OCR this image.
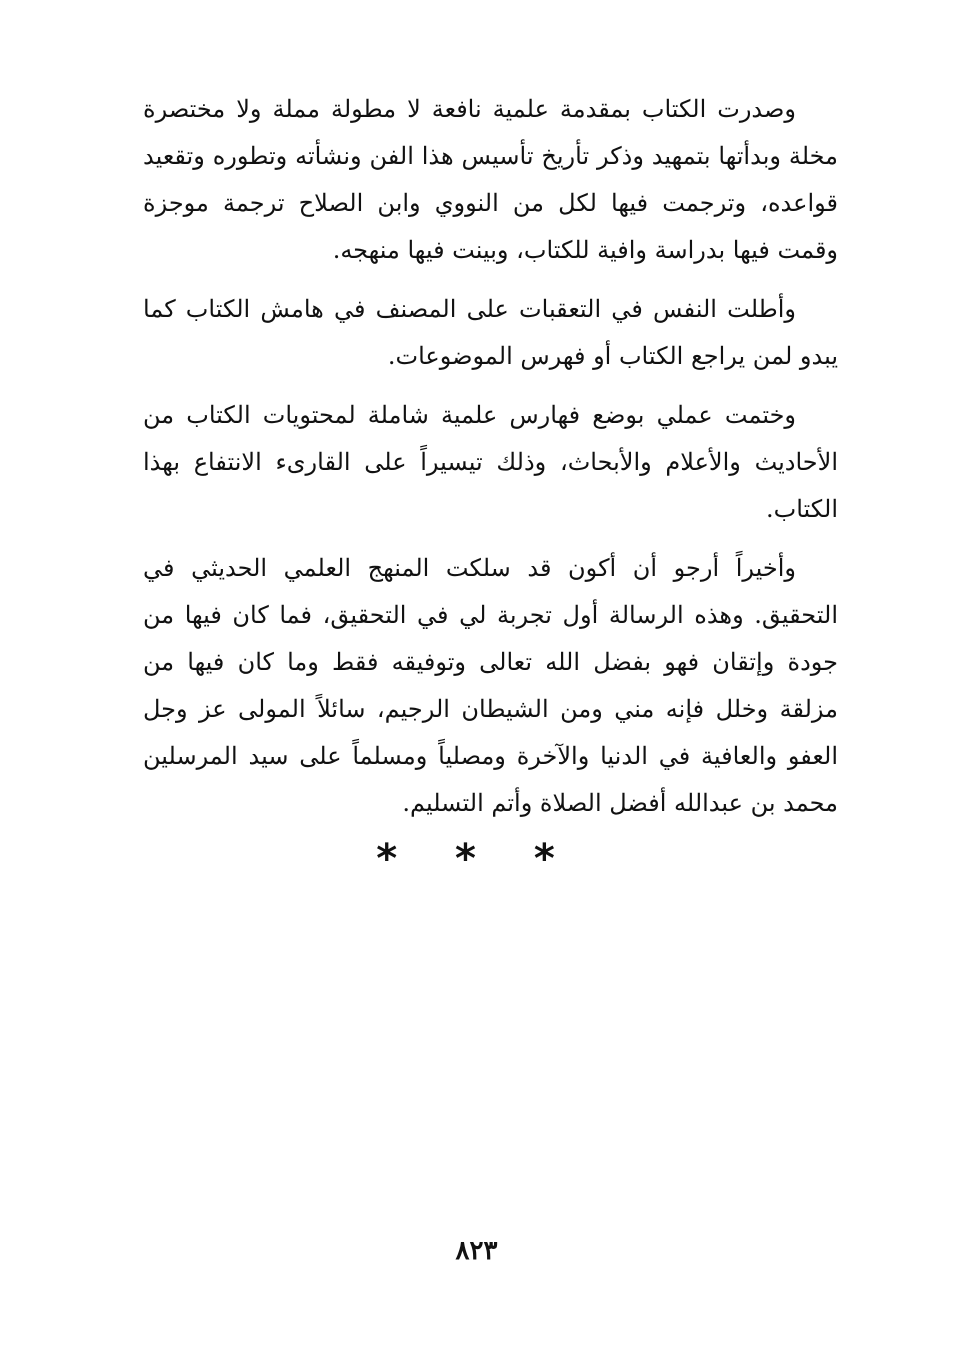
وصدرت الكتاب بمقدمة علمية نافعة لا مطولة مملة ولا مختصرة مخلة وبدأتها بتمهيد وذكر تأريخ تأسيس هذا الفن ونشأته وتطوره وتقعيد قواعده، وترجمت فيها لكل من النووي وابن الصلاح ترجمة موجزة وقمت فيها بدراسة وافية للكتاب، وبينت فيها منهجه.

وأطلت النفس في التعقبات على المصنف في هامش الكتاب كما يبدو لمن يراجع الكتاب أو فهرس الموضوعات.

وختمت عملي بوضع فهارس علمية شاملة لمحتويات الكتاب من الأحاديث والأعلام والأبحاث، وذلك تيسيراً على القارىء الانتفاع بهذا الكتاب.

وأخيراً أرجو أن أكون قد سلكت المنهج العلمي الحديثي في التحقيق. وهذه الرسالة أول تجربة لي في التحقيق، فما كان فيها من جودة وإتقان فهو بفضل الله تعالى وتوفيقه فقط وما كان فيها من مزلقة وخلل فإنه مني ومن الشيطان الرجيم، سائلاً المولى عز وجل العفو والعافية في الدنيا والآخرة ومصلياً ومسلماً على سيد المرسلين محمد بن عبدالله أفضل الصلاة وأتم التسليم.

* * *
٨٢٣
